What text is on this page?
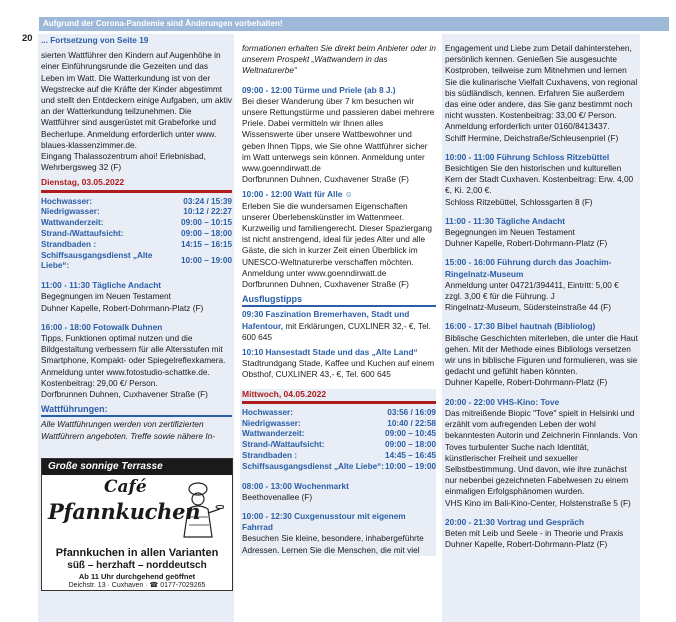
Aufgrund der Corona-Pandemie sind Änderungen vorbehalten!
20 ... Fortsetzung von Seite 19

sierten Wattführer den Kindern auf Augenhöhe in einer Einführungsrunde die Gezeiten und das Leben im Watt. Die Watterkundung ist von der Wegstrecke auf die Kräfte der Kinder abgestimmt und stellt den Entdeckern einige Aufgaben, um aktiv an der Watterkundung teilzunehmen. Die Wattführer sind ausgerüstet mit Grabeforke und Becherlupe. Anmeldung erforderlich unter www. blaues-klassenzimmer.de.

Eingang Thalassozentrum ahoi! Erlebnisbad, Wehrbergsweg 32 (F)

Dienstag, 03.05.2022
Hochwasser:	03:24 / 15:39
Niedrigwasser:	10:12 / 22:27
Wattwanderzeit:	09:00 – 10:15
Strand-/Wattaufsicht:	09:00 – 18:00
Strandbaden :	14:15 – 16:15
Schiffsausgangsdienst „Alte Liebe“:	10:00 – 19:00

11:00 - 11:30 Tägliche Andacht

Begegnungen im Neuen Testament

Duhner Kapelle, Robert-Dohrmann-Platz (F)

16:00 - 18:00 Fotowalk Duhnen

Tipps, Funktionen optimal nutzen und die Bildgestaltung verbessern für alle Altersstufen mit Smartphone, Kompakt- oder Spiegelreflexkamera. Anmeldung unter www.fotostudio-schattke.de. Kostenbeitrag: 29,00 €/ Person.

Dorfbrunnen Duhnen, Cuxhavener Straße (F)

Wattführungen:

Alle Wattführungen werden von zertifizierten Wattführern angeboten. Treffe sowie nähere In-

Große sonnige Terrasse
Café
Pfannkuchen
Pfannkuchen in allen Varianten
süß – herzhaft – norddeutsch
Ab 11 Uhr durchgehend geöffnet
Deichstr. 13 · Cuxhaven · ☎ 0177-7029265

formationen erhalten Sie direkt beim Anbieter oder in unserem Prospekt „Wattwandern in das Weltnaturerbe“

09:00 - 12:00 Türme und Priele (ab 8 J.)

Bei dieser Wanderung über 7 km besuchen wir unsere Rettungstürme und passieren dabei mehrere Priele. Dabei vermitteln wir Ihnen alles Wissenswerte über unsere Wattbewohner und geben Ihnen Tipps, wie Sie ohne Wattführer sicher im Watt unterwegs sein können. Anmeldung unter www.goenndirwatt.de

Dorfbrunnen Duhnen, Cuxhavener Straße (F)

10:00 - 12:00 Watt für Alle ☺

Erleben Sie die wundersamen Eigenschaften unserer Überlebenskünstler im Wattenmeer. Kurzweilig und familiengerecht. Dieser Spaziergang ist nicht anstrengend, ideal für jedes Alter und alle Gäste, die sich in kurzer Zeit einen Überblick im UNESCO-Weltnaturerbe verschaffen möchten. Anmeldung unter www.goenndirwatt.de

Dorfbrunnen Duhnen, Cuxhavener Straße (F)

Ausflugstipps

09:30 Faszination Bremerhaven, Stadt und Hafentour, mit Erklärungen, CUXLINER 32,- €, Tel. 600 645

10:10 Hansestadt Stade und das „Alte Land“

Stadtrundgang Stade, Kaffee und Kuchen auf einem Obsthof, CUXLINER 43,- €, Tel. 600 645

Mittwoch, 04.05.2022
Hochwasser:	03:56 / 16:09
Niedrigwasser:	10:40 / 22:58
Wattwanderzeit:	09:00 – 10:45
Strand-/Wattaufsicht:	09:00 – 18:00
Strandbaden :	14:45 – 16:45
Schiffsausgangsdienst „Alte Liebe“:	10:00 – 19:00

08:00 - 13:00 Wochenmarkt

Beethovenallee (F)

10:00 - 12:30 Cuxgenusstour mit eigenem Fahrrad

Besuchen Sie kleine, besondere, inhabergeführte Adressen. Lernen Sie die Menschen, die mit viel

Engagement und Liebe zum Detail dahinterstehen, persönlich kennen. Genießen Sie ausgesuchte Kostproben, teilweise zum Mitnehmen und lernen Sie die kulinarische Vielfalt Cuxhavens, von regional bis südländisch, kennen. Erfahren Sie außerdem das eine oder andere, das Sie ganz bestimmt noch nicht wussten. Kostenbeitrag: 33,00 €/ Person. Anmeldung erforderlich unter 0160/8413437.

Schiff Hermine, Deichstraße/Schleusenpriel (F)

10:00 - 11:00 Führung Schloss Ritzebüttel

Besichtigen Sie den historischen und kulturellen Kern der Stadt Cuxhaven. Kostenbeitrag: Erw. 4,00 €, Ki. 2,00 €.

Schloss Ritzebüttel, Schlossgarten 8 (F)

11:00 - 11:30 Tägliche Andacht

Begegnungen im Neuen Testament

Duhner Kapelle, Robert-Dohrmann-Platz (F)

15:00 - 16:00 Führung durch das Joachim-Ringelnatz-Museum

Anmeldung unter 04721/394411, Eintritt: 5,00 € zzgl. 3,00 € für die Führung. J

Ringelnatz-Museum, Südersteinstraße 44 (F)

16:00 - 17:30 Bibel hautnah (Bibliolog)

Biblische Geschichten miterleben, die unter die Haut gehen. Mit der Methode eines Bibliologs versetzen wir uns in biblische Figuren und formulieren, was sie gedacht und gefühlt haben könnten.

Duhner Kapelle, Robert-Dohrmann-Platz (F)

20:00 - 22:00 VHS-Kino: Tove

Das mitreißende Biopic "Tove" spielt in Helsinki und erzählt vom aufregenden Leben der wohl bekanntesten Autorin und Zeichnerin Finnlands. Von Toves turbulenter Suche nach Identität, künstlerischer Freiheit und sexueller Selbstbestimmung. Und davon, wie ihre zunächst nur nebenbei gezeichneten Fabelwesen zu einem einmaligen Erfolgsphänomen wurden.

VHS Kino im Bali-Kino-Center, Holstenstraße 5 (F)

20:00 - 21:30 Vortrag und Gespräch

Beten mit Leib und Seele - in Theorie und Praxis

Duhner Kapelle, Robert-Dohrmann-Platz (F)
